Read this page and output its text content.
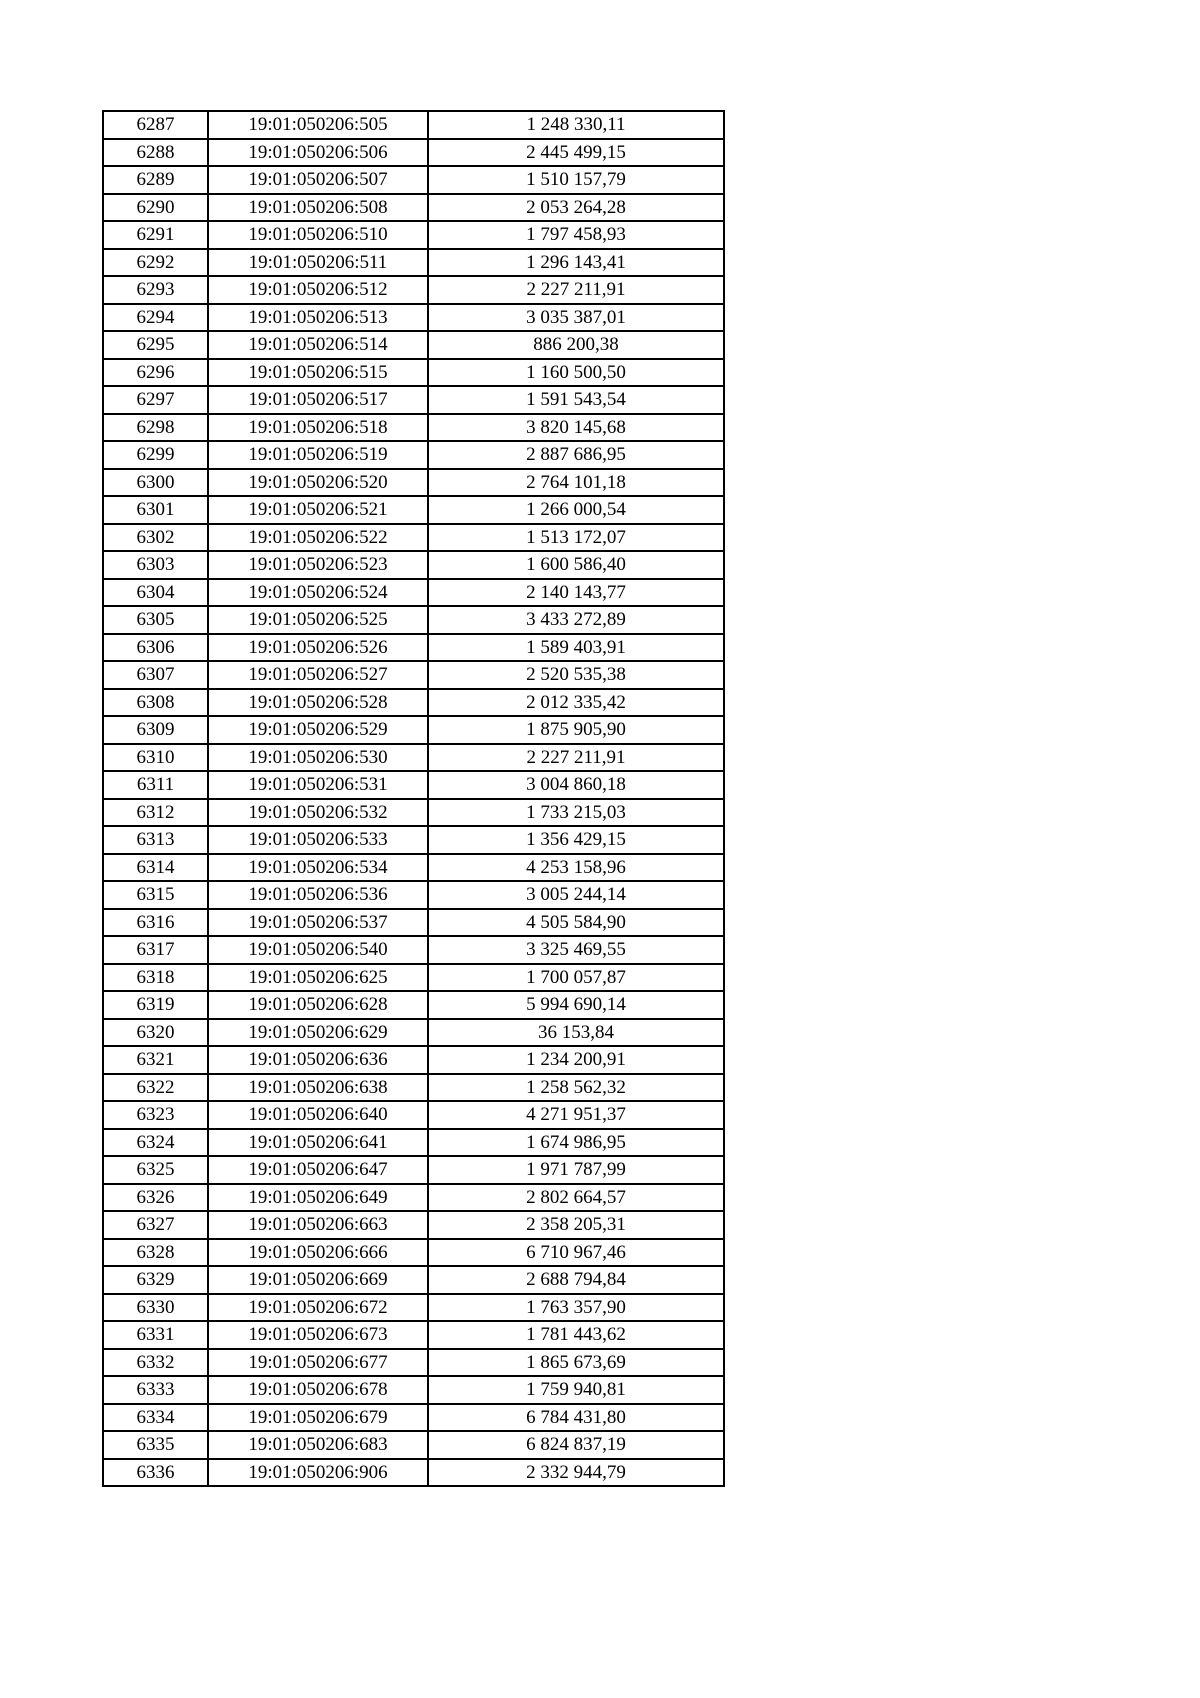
6287	19:01:050206:505	1 248 330,11
6288	19:01:050206:506	2 445 499,15
6289	19:01:050206:507	1 510 157,79
6290	19:01:050206:508	2 053 264,28
6291	19:01:050206:510	1 797 458,93
6292	19:01:050206:511	1 296 143,41
6293	19:01:050206:512	2 227 211,91
6294	19:01:050206:513	3 035 387,01
6295	19:01:050206:514	886 200,38
6296	19:01:050206:515	1 160 500,50
6297	19:01:050206:517	1 591 543,54
6298	19:01:050206:518	3 820 145,68
6299	19:01:050206:519	2 887 686,95
6300	19:01:050206:520	2 764 101,18
6301	19:01:050206:521	1 266 000,54
6302	19:01:050206:522	1 513 172,07
6303	19:01:050206:523	1 600 586,40
6304	19:01:050206:524	2 140 143,77
6305	19:01:050206:525	3 433 272,89
6306	19:01:050206:526	1 589 403,91
6307	19:01:050206:527	2 520 535,38
6308	19:01:050206:528	2 012 335,42
6309	19:01:050206:529	1 875 905,90
6310	19:01:050206:530	2 227 211,91
6311	19:01:050206:531	3 004 860,18
6312	19:01:050206:532	1 733 215,03
6313	19:01:050206:533	1 356 429,15
6314	19:01:050206:534	4 253 158,96
6315	19:01:050206:536	3 005 244,14
6316	19:01:050206:537	4 505 584,90
6317	19:01:050206:540	3 325 469,55
6318	19:01:050206:625	1 700 057,87
6319	19:01:050206:628	5 994 690,14
6320	19:01:050206:629	36 153,84
6321	19:01:050206:636	1 234 200,91
6322	19:01:050206:638	1 258 562,32
6323	19:01:050206:640	4 271 951,37
6324	19:01:050206:641	1 674 986,95
6325	19:01:050206:647	1 971 787,99
6326	19:01:050206:649	2 802 664,57
6327	19:01:050206:663	2 358 205,31
6328	19:01:050206:666	6 710 967,46
6329	19:01:050206:669	2 688 794,84
6330	19:01:050206:672	1 763 357,90
6331	19:01:050206:673	1 781 443,62
6332	19:01:050206:677	1 865 673,69
6333	19:01:050206:678	1 759 940,81
6334	19:01:050206:679	6 784 431,80
6335	19:01:050206:683	6 824 837,19
6336	19:01:050206:906	2 332 944,79
